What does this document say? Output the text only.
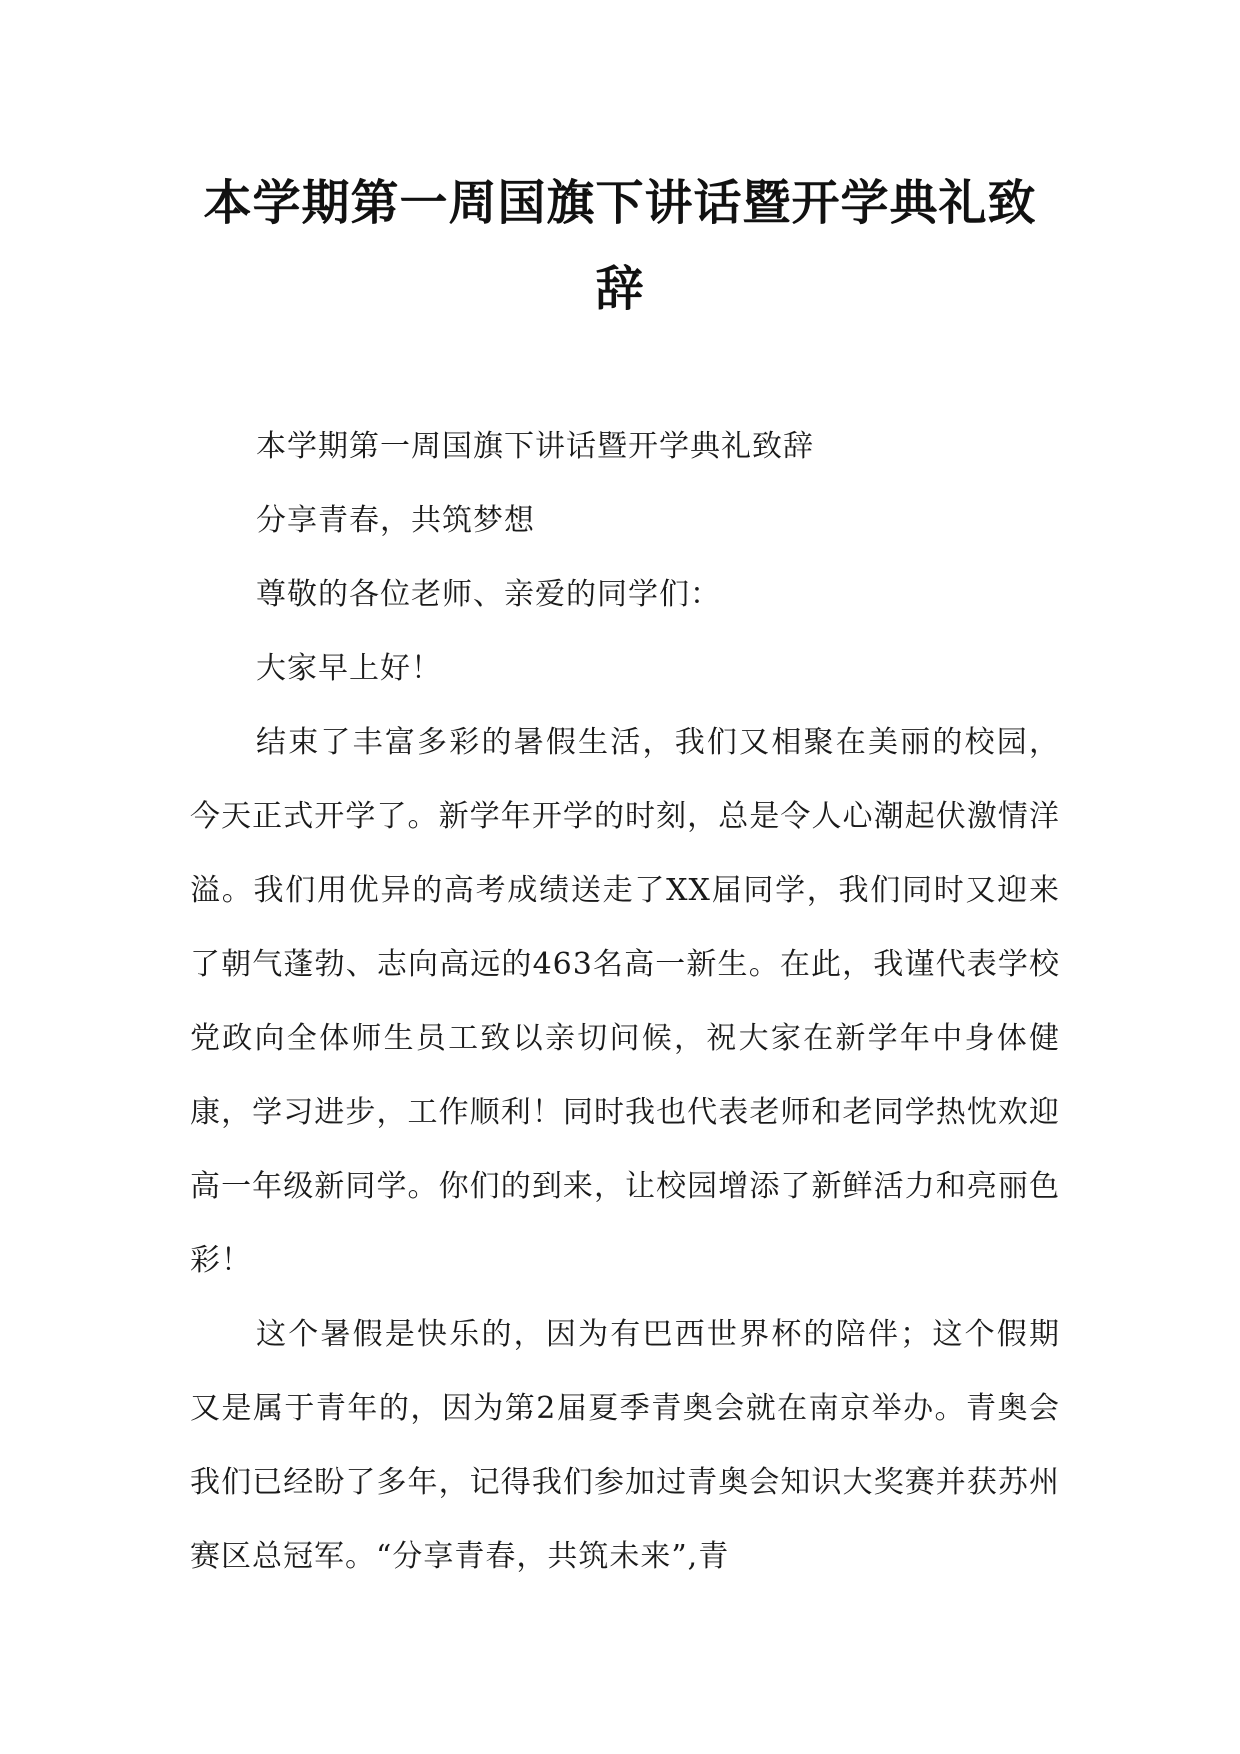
本学期第一周国旗下讲话暨开学典礼致辞

本学期第一周国旗下讲话暨开学典礼致辞

分享青春，共筑梦想

尊敬的各位老师、亲爱的同学们：

大家早上好！

结束了丰富多彩的暑假生活，我们又相聚在美丽的校园，今天正式开学了。新学年开学的时刻，总是令人心潮起伏激情洋溢。我们用优异的高考成绩送走了XX届同学，我们同时又迎来了朝气蓬勃、志向高远的463名高一新生。在此，我谨代表学校党政向全体师生员工致以亲切问候，祝大家在新学年中身体健康，学习进步，工作顺利！同时我也代表老师和老同学热忱欢迎高一年级新同学。你们的到来，让校园增添了新鲜活力和亮丽色彩！

这个暑假是快乐的，因为有巴西世界杯的陪伴；这个假期又是属于青年的，因为第2届夏季青奥会就在南京举办。青奥会我们已经盼了多年，记得我们参加过青奥会知识大奖赛并获苏州赛区总冠军。“分享青春，共筑未来”,青
